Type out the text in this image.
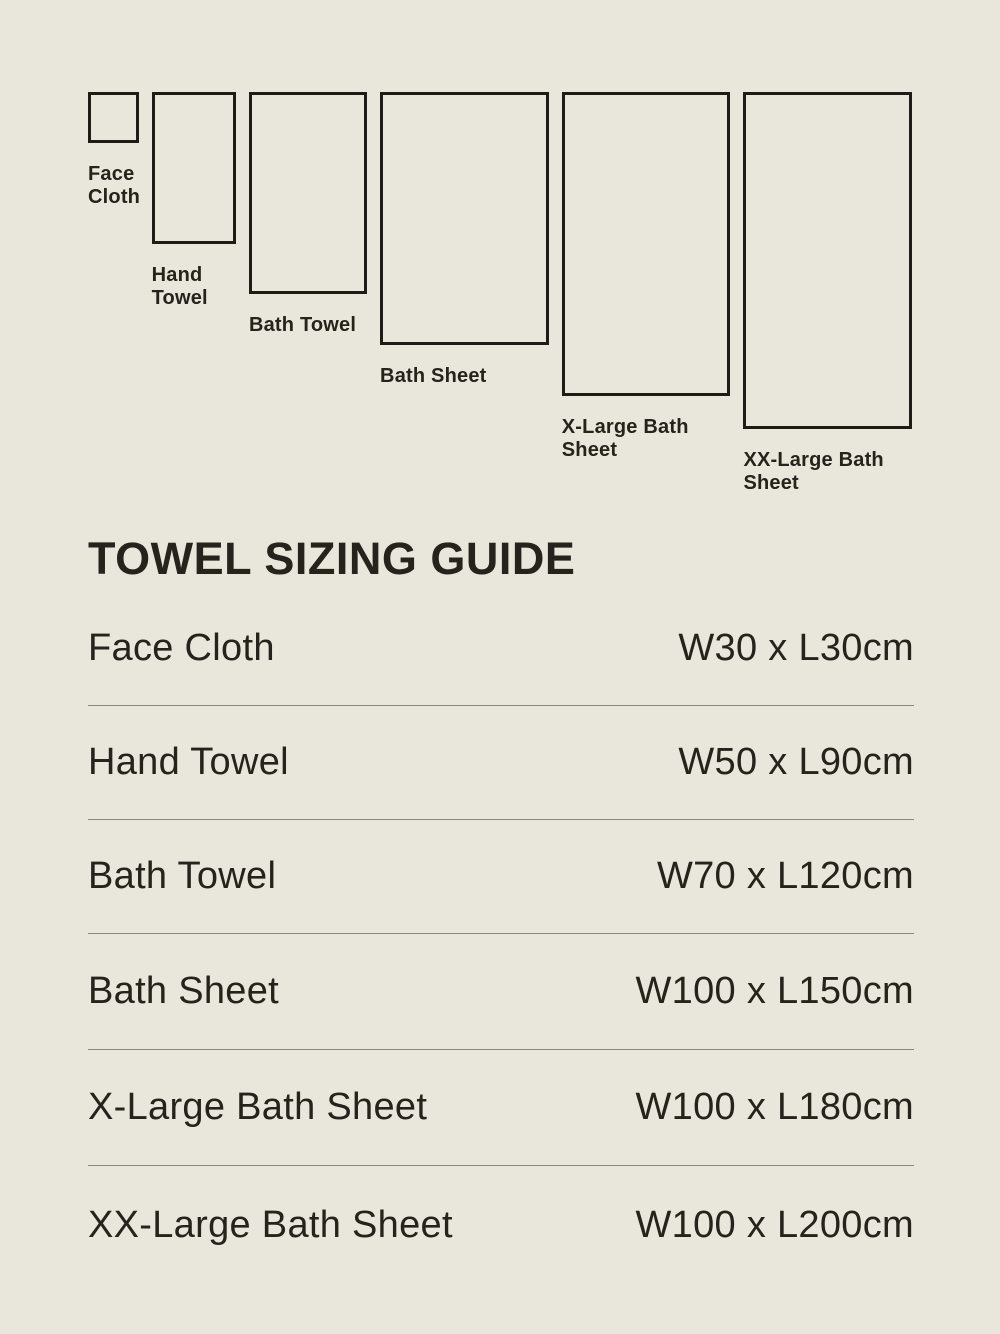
Face Cloth
Hand Towel
Bath Towel
Bath Sheet
X-Large Bath Sheet	XX-Large Bath Sheet
TOWEL SIZING GUIDE
Face Cloth	W30 x L30cm
Hand Towel	W50 x L90cm
Bath Towel	W70 x L120cm
Bath Sheet	W100 x L150cm
X-Large Bath Sheet	W100 x L180cm
XX-Large Bath Sheet	W100 x L200cm
